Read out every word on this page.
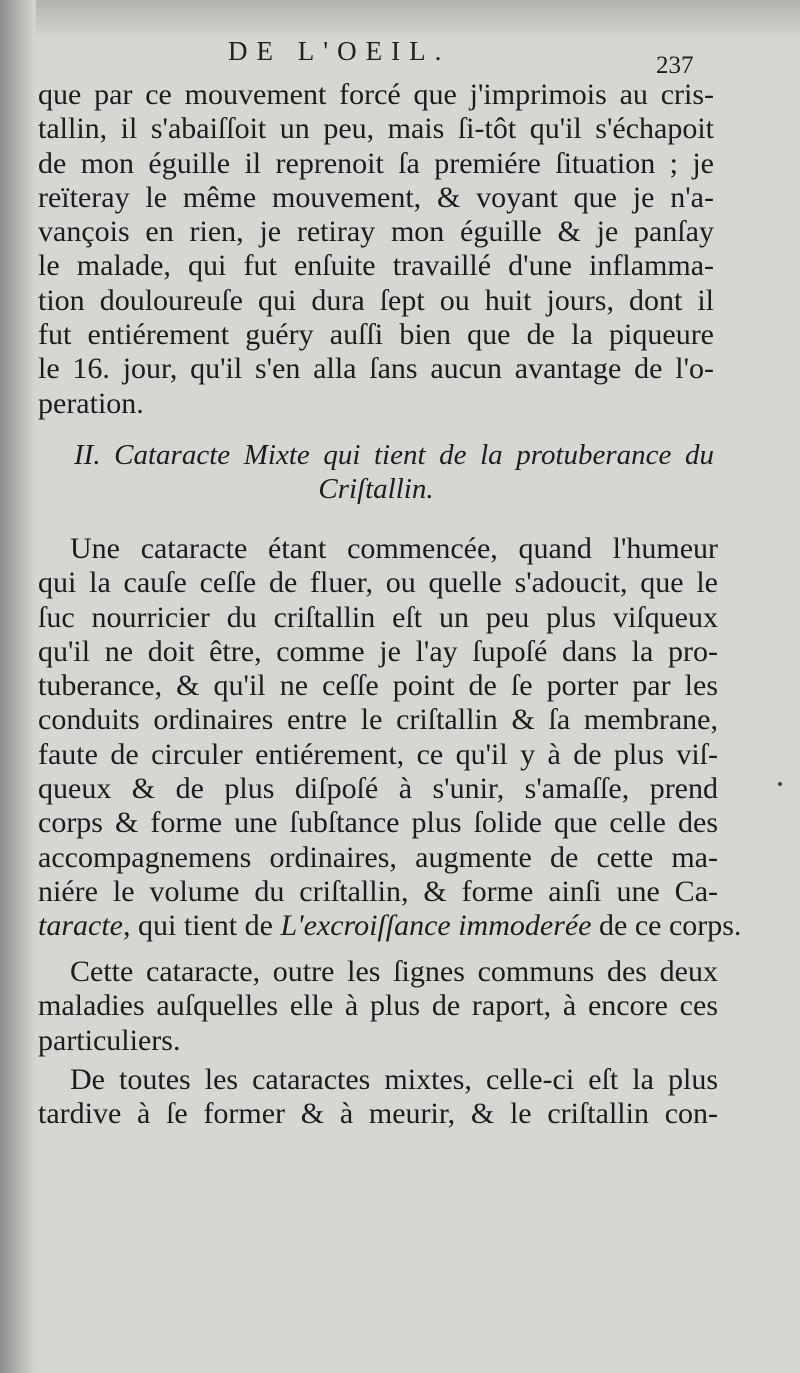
DE L'OEIL.	237
que par ce mouvement forcé que j'imprimois au cris-
tallin, il s'abaiſſoit un peu, mais ſi-tôt qu'il s'échapoit
de mon éguille il reprenoit ſa premiére ſituation ; je
reïteray le même mouvement, & voyant que je n'a-
vançois en rien, je retiray mon éguille & je panſay
le malade, qui fut enſuite travaillé d'une inflamma-
tion douloureuſe qui dura ſept ou huit jours, dont il
fut entiérement guéry auſſi bien que de la piqueure
le 16. jour, qu'il s'en alla ſans aucun avantage de l'o-
peration.
II. Cataracte Mixte qui tient de la protuberance du
Criſtallin.
Une cataracte étant commencée, quand l'humeur
qui la cauſe ceſſe de fluer, ou quelle s'adoucit, que le
ſuc nourricier du criſtallin eſt un peu plus viſqueux
qu'il ne doit être, comme je l'ay ſupoſé dans la pro-
tuberance, & qu'il ne ceſſe point de ſe porter par les
conduits ordinaires entre le criſtallin & ſa membrane,
faute de circuler entiérement, ce qu'il y à de plus viſ-
queux & de plus diſpoſé à s'unir, s'amaſſe, prend
corps & forme une ſubſtance plus ſolide que celle des
accompagnemens ordinaires, augmente de cette ma-
niére le volume du criſtallin, & forme ainſi une Ca-
taracte, qui tient de L'excroiſſance immoderée de ce corps.
Cette cataracte, outre les ſignes communs des deux
maladies auſquelles elle à plus de raport, à encore ces
particuliers.
De toutes les cataractes mixtes, celle-ci eſt la plus
tardive à ſe former & à meurir, & le criſtallin con-
